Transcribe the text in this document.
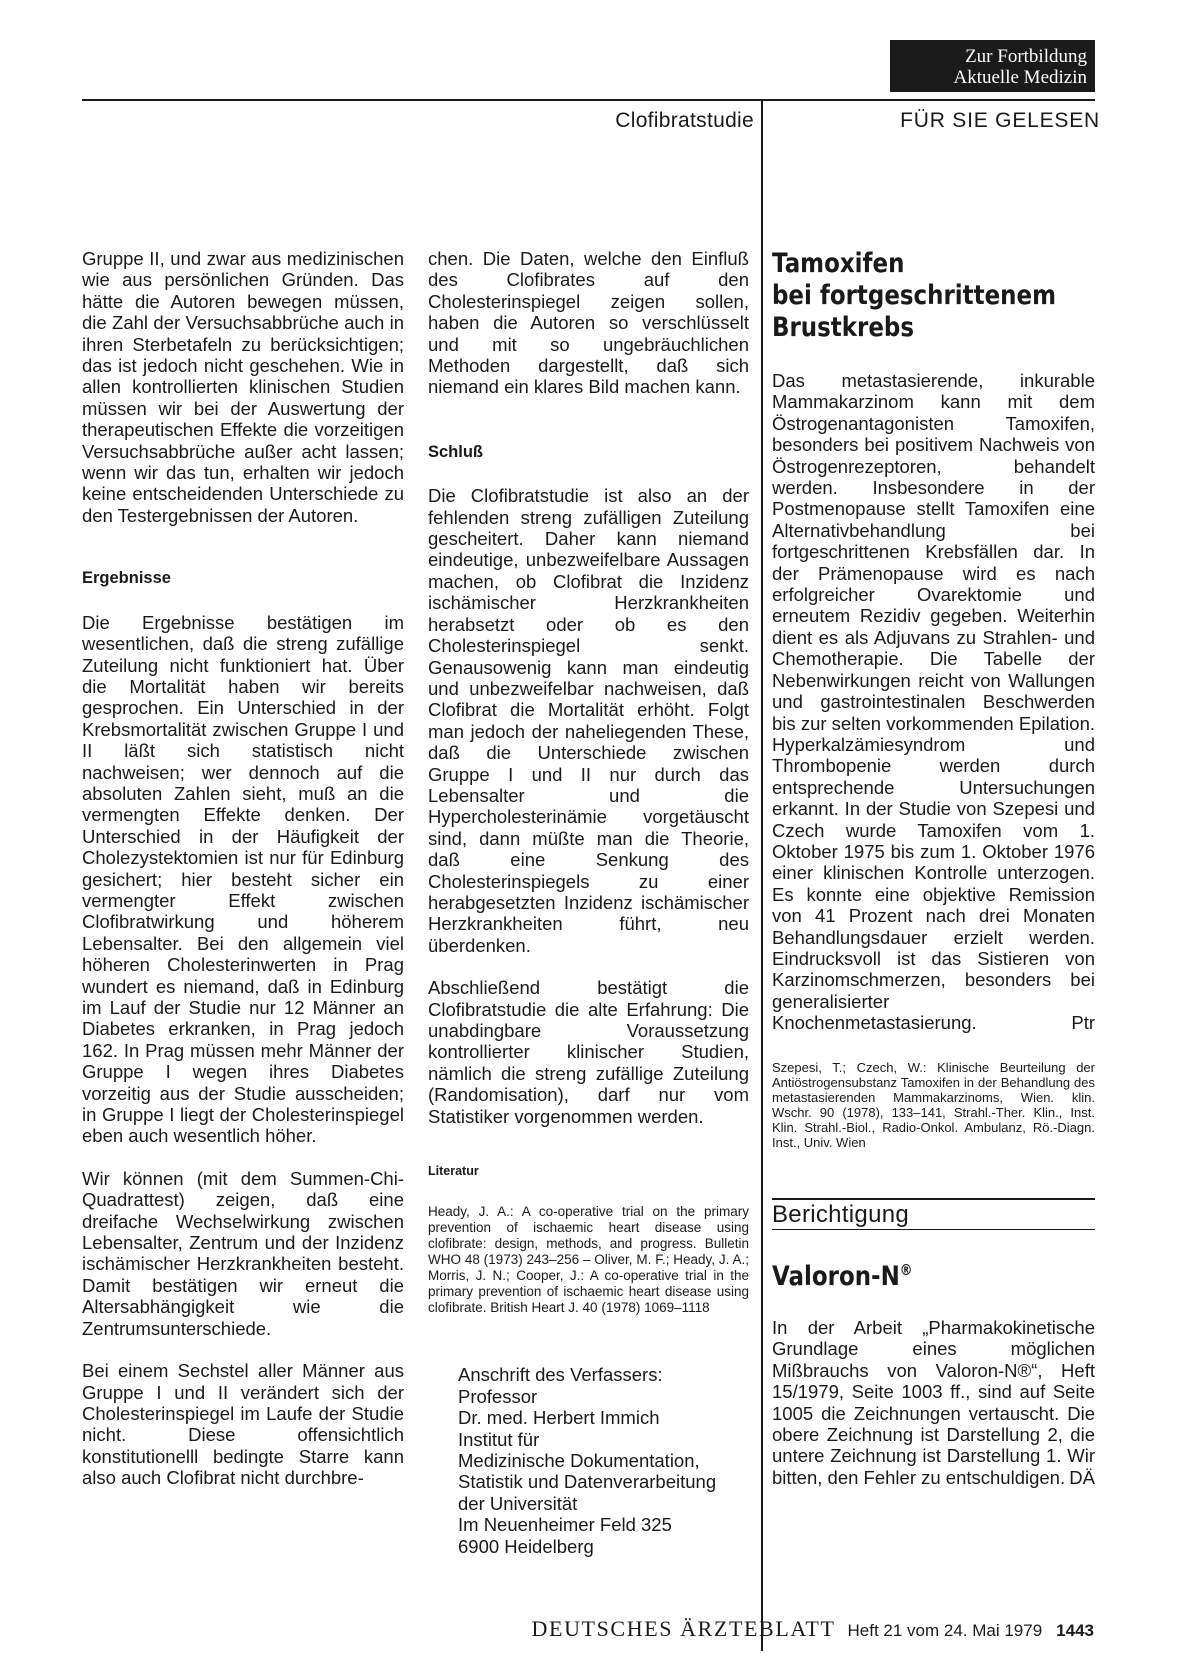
Zur Fortbildung
Aktuelle Medizin
Clofibratstudie	FÜR SIE GELESEN

Gruppe II, und zwar aus medizinischen wie aus persönlichen Gründen. Das hätte die Autoren bewegen müssen, die Zahl der Versuchsabbrüche auch in ihren Sterbetafeln zu berücksichtigen; das ist jedoch nicht geschehen. Wie in allen kontrollierten klinischen Studien müssen wir bei der Auswertung der therapeutischen Effekte die vorzeitigen Versuchsabbrüche außer acht lassen; wenn wir das tun, erhalten wir jedoch keine entscheidenden Unterschiede zu den Testergebnissen der Autoren.

Ergebnisse

Die Ergebnisse bestätigen im wesentlichen, daß die streng zufällige Zuteilung nicht funktioniert hat. Über die Mortalität haben wir bereits gesprochen. Ein Unterschied in der Krebsmortalität zwischen Gruppe I und II läßt sich statistisch nicht nachweisen; wer dennoch auf die absoluten Zahlen sieht, muß an die vermengten Effekte denken. Der Unterschied in der Häufigkeit der Cholezystektomien ist nur für Edinburg gesichert; hier besteht sicher ein vermengter Effekt zwischen Clofibratwirkung und höherem Lebensalter. Bei den allgemein viel höheren Cholesterinwerten in Prag wundert es niemand, daß in Edinburg im Lauf der Studie nur 12 Männer an Diabetes erkranken, in Prag jedoch 162. In Prag müssen mehr Männer der Gruppe I wegen ihres Diabetes vorzeitig aus der Studie ausscheiden; in Gruppe I liegt der Cholesterinspiegel eben auch wesentlich höher.

Wir können (mit dem Summen-Chi-Quadrattest) zeigen, daß eine dreifache Wechselwirkung zwischen Lebensalter, Zentrum und der Inzidenz ischämischer Herzkrankheiten besteht. Damit bestätigen wir erneut die Altersabhängigkeit wie die Zentrumsunterschiede.

Bei einem Sechstel aller Männer aus Gruppe I und II verändert sich der Cholesterinspiegel im Laufe der Studie nicht. Diese offensichtlich konstitutionelll bedingte Starre kann also auch Clofibrat nicht durchbre-

chen. Die Daten, welche den Einfluß des Clofibrates auf den Cholesterinspiegel zeigen sollen, haben die Autoren so verschlüsselt und mit so ungebräuchlichen Methoden dargestellt, daß sich niemand ein klares Bild machen kann.

Schluß

Die Clofibratstudie ist also an der fehlenden streng zufälligen Zuteilung gescheitert. Daher kann niemand eindeutige, unbezweifelbare Aussagen machen, ob Clofibrat die Inzidenz ischämischer Herzkrankheiten herabsetzt oder ob es den Cholesterinspiegel senkt. Genausowenig kann man eindeutig und unbezweifelbar nachweisen, daß Clofibrat die Mortalität erhöht. Folgt man jedoch der naheliegenden These, daß die Unterschiede zwischen Gruppe I und II nur durch das Lebensalter und die Hypercholesterinämie vorgetäuscht sind, dann müßte man die Theorie, daß eine Senkung des Cholesterinspiegels zu einer herabgesetzten Inzidenz ischämischer Herzkrankheiten führt, neu überdenken.

Abschließend bestätigt die Clofibratstudie die alte Erfahrung: Die unabdingbare Voraussetzung kontrollierter klinischer Studien, nämlich die streng zufällige Zuteilung (Randomisation), darf nur vom Statistiker vorgenommen werden.

Literatur
Heady, J. A.: A co-operative trial on the primary prevention of ischaemic heart disease using clofibrate: design, methods, and progress. Bulletin WHO 48 (1973) 243–256 – Oliver, M. F.; Heady, J. A.; Morris, J. N.; Cooper, J.: A co-operative trial in the primary prevention of ischaemic heart disease using clofibrate. British Heart J. 40 (1978) 1069–1118
Anschrift des Verfassers:
Professor
Dr. med. Herbert Immich
Institut für
Medizinische Dokumentation,
Statistik und Datenverarbeitung
der Universität
Im Neuenheimer Feld 325
6900 Heidelberg
Tamoxifen
bei fortgeschrittenem
Brustkrebs

Das metastasierende, inkurable Mammakarzinom kann mit dem Östrogenantagonisten Tamoxifen, besonders bei positivem Nachweis von Östrogenrezeptoren, behandelt werden. Insbesondere in der Postmenopause stellt Tamoxifen eine Alternativbehandlung bei fortgeschrittenen Krebsfällen dar. In der Prämenopause wird es nach erfolgreicher Ovarektomie und erneutem Rezidiv gegeben. Weiterhin dient es als Adjuvans zu Strahlen- und Chemotherapie. Die Tabelle der Nebenwirkungen reicht von Wallungen und gastrointestinalen Beschwerden bis zur selten vorkommenden Epilation. Hyperkalzämiesyndrom und Thrombopenie werden durch entsprechende Untersuchungen erkannt. In der Studie von Szepesi und Czech wurde Tamoxifen vom 1. Oktober 1975 bis zum 1. Oktober 1976 einer klinischen Kontrolle unterzogen. Es konnte eine objektive Remission von 41 Prozent nach drei Monaten Behandlungsdauer erzielt werden. Eindrucksvoll ist das Sistieren von Karzinomschmerzen, besonders bei generalisierter Knochenmetastasierung.	Ptr

Szepesi, T.; Czech, W.: Klinische Beurteilung der Antiöstrogensubstanz Tamoxifen in der Behandlung des metastasierenden Mammakarzinoms, Wien. klin. Wschr. 90 (1978), 133–141, Strahl.-Ther. Klin., Inst. Klin. Strahl.-Biol., Radio-Onkol. Ambulanz, Rö.-Diagn. Inst., Univ. Wien
Berichtigung
Valoron-N®

In der Arbeit „Pharmakokinetische Grundlage eines möglichen Mißbrauchs von Valoron-N®“, Heft 15/1979, Seite 1003 ff., sind auf Seite 1005 die Zeichnungen vertauscht. Die obere Zeichnung ist Darstellung 2, die untere Zeichnung ist Darstellung 1. Wir bitten, den Fehler zu entschuldigen. DÄ

DEUTSCHES ÄRZTEBLATT Heft 21 vom 24. Mai 1979 1443
